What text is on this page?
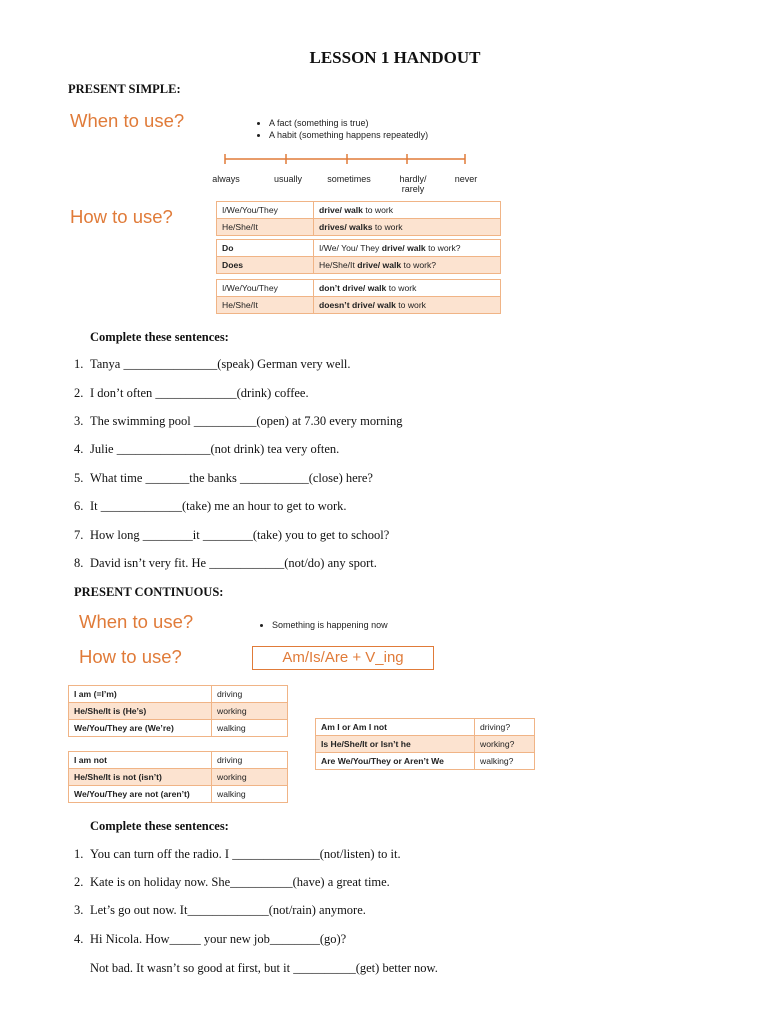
LESSON 1 HANDOUT
PRESENT SIMPLE:
When to use?	• A fact (something is true)
• A habit (something happens repeatedly)
always	usually	sometimes	hardly/ rarely
never
How to use?	I/We/You/They	drive/ walk to work
He/She/It	drives/ walks to work
Do	I/We/ You/ They drive/ walk to work?
Does	He/She/It drive/ walk to work?
I/We/You/They	don’t drive/ walk to work
He/She/It	doesn’t drive/ walk to work
Complete these sentences:
1. Tanya _______________(speak) German very well.
2. I don’t often _____________(drink) coffee.
3. The swimming pool __________(open) at 7.30 every morning
4. Julie _______________(not drink) tea very often.
5. What time _______the banks ___________(close) here?
6. It _____________(take) me an hour to get to work.
7. How long ________it ________(take) you to get to school?
8. David isn’t very fit. He ____________(not/do) any sport.
PRESENT CONTINUOUS:
When to use?	• Something is happening now
How to use?	Am/Is/Are + V_ing
I am (=I’m)	driving
He/She/It is (He’s)	working
We/You/They are (We’re)	walking
I am not	driving
He/She/It is not (isn’t)	working
We/You/They are not (aren’t)	walking
Am I or Am I not	driving?
Is He/She/It or Isn’t he	working?
Are We/You/They or Aren’t We	walking?
Complete these sentences:
1. You can turn off the radio. I ______________(not/listen) to it.
2. Kate is on holiday now. She__________(have) a great time.
3. Let’s go out now. It_____________(not/rain) anymore.
4. Hi Nicola. How_____ your new job________(go)?
Not bad. It wasn’t so good at first, but it __________(get) better now.
